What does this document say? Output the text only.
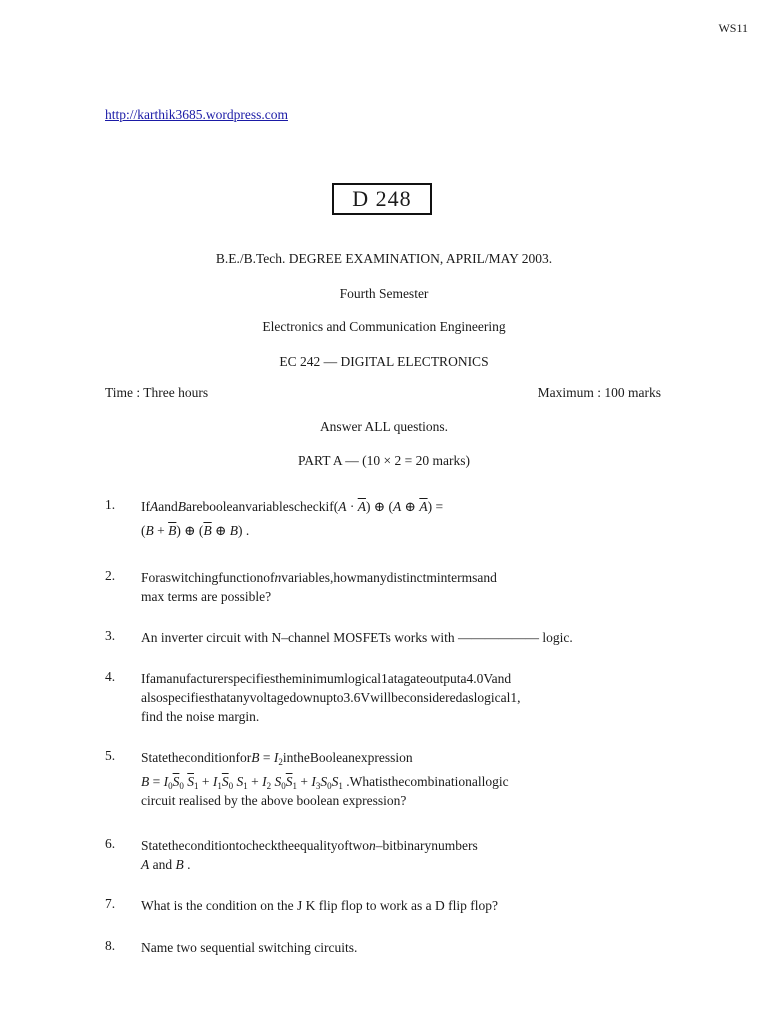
WS11
http://karthik3685.wordpress.com
D 248
B.E./B.Tech. DEGREE EXAMINATION, APRIL/MAY 2003.
Fourth Semester
Electronics and Communication Engineering
EC 242 — DIGITAL ELECTRONICS
Time : Three hours	Maximum : 100 marks
Answer ALL questions.
PART A — (10 × 2 = 20 marks)
1.	IfAandBarebooleanvariablescheckif(A · $\overline{A}$) ⊕ (A ⊕ $\overline{A}$) =
$(B + \overline{B})$ ⊕ ($\overline{B}$ ⊕ B) .
2.	Foraswitchingfunctionofnvariables,howmanydistinctmintermsand
max terms are possible?
3.	An inverter circuit with N–channel MOSFETs works with —————— logic.
4.	Ifamanufacturerspecifiestheminimumlogical1atagateoutputa4.0Vand
alsospecifiesthatanyvoltagedownupto3.6Vwillbeconsideredaslogical1,
find the noise margin.
5.	StatetheconditionforB = $I_2intheBooleanexpression$
$B = I_0\overline{S}_0$ $\overline{S}_1 + I_1\overline{S}_0$ $S_1 + I_2$ $S_0\overline{S}_1 + I_3S_0S_1$ .Whatisthecombinationallogic
circuit realised by the above boolean expression?
6.	Statetheconditiontochecktheequalityoftwon–bitbinarynumbers
A and B .
7.	What is the condition on the J K flip flop to work as a D flip flop?
8.	Name two sequential switching circuits.
